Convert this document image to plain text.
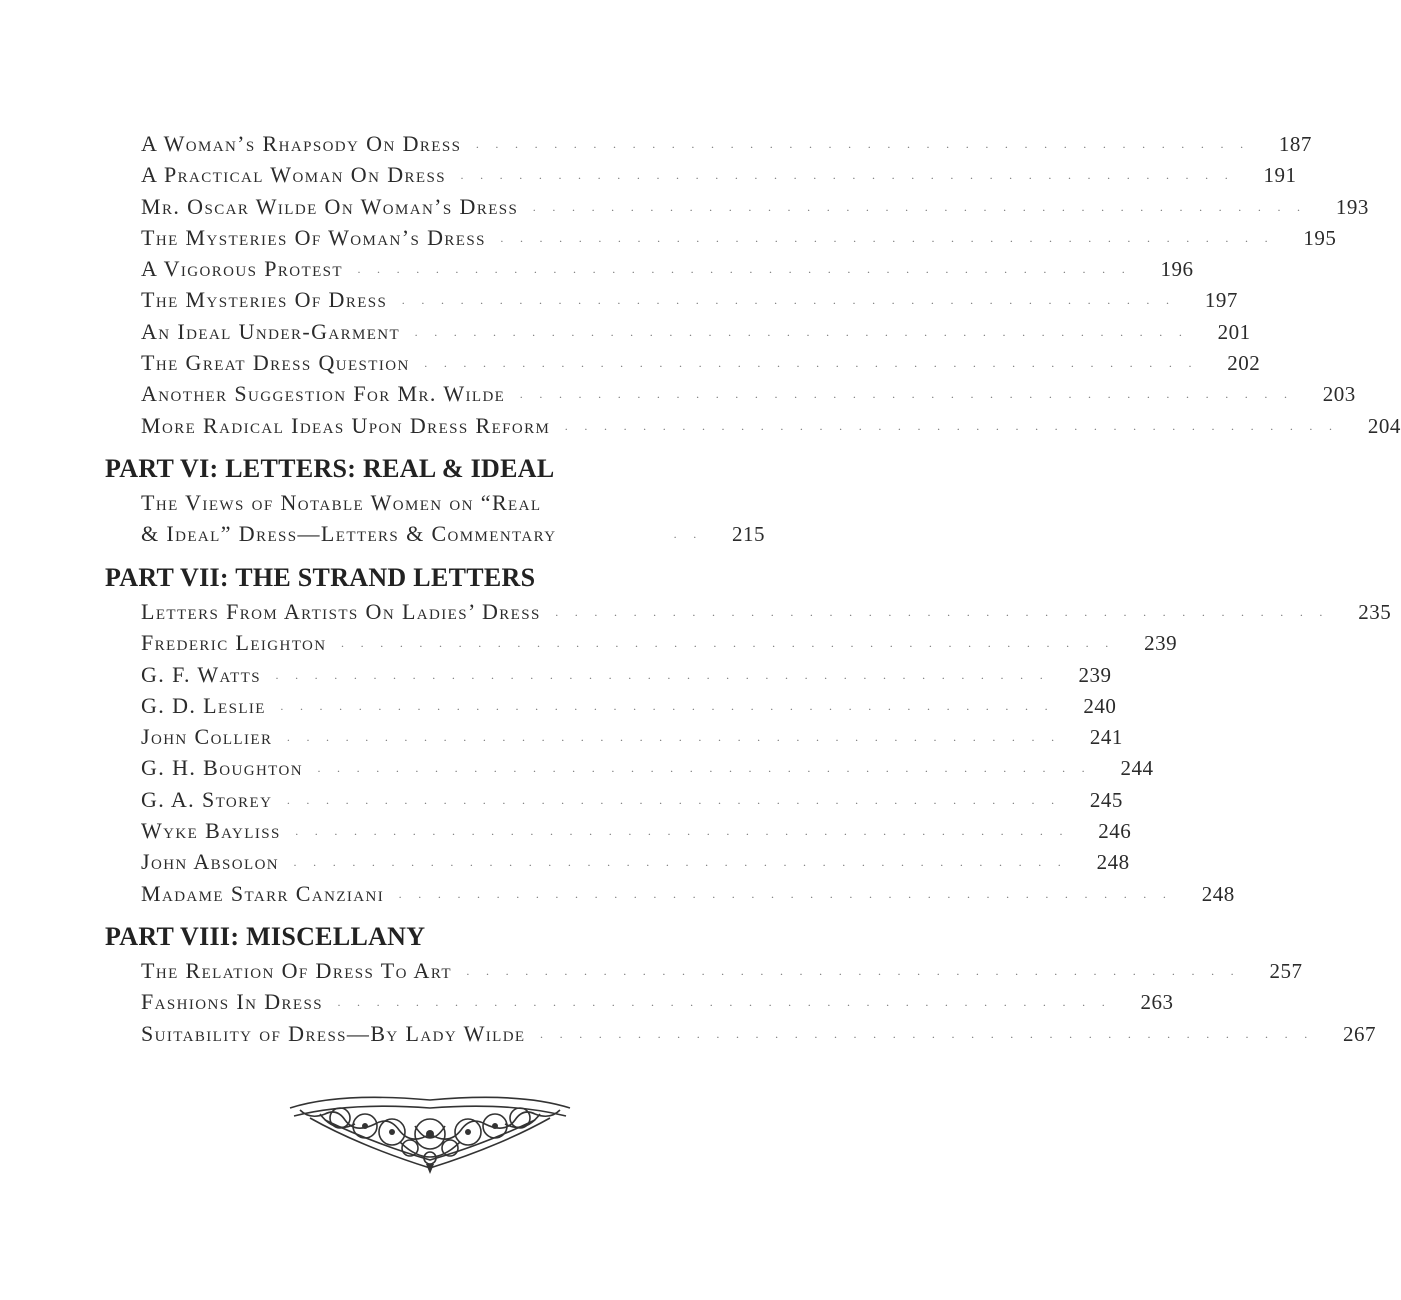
A Woman’s Rhapsody On Dress	· · · · · · · · · · · · · · · · · · · · · · · · · · · · · · · · · · · · · · · ·	187
A Practical Woman On Dress	· · · · · · · · · · · · · · · · · · · · · · · · · · · · · · · · · · · · · · · ·	191
Mr. Oscar Wilde On Woman’s Dress	· · · · · · · · · · · · · · · · · · · · · · · · · · · · · · · · · · · · · · · ·	193
The Mysteries Of Woman’s Dress	· · · · · · · · · · · · · · · · · · · · · · · · · · · · · · · · · · · · · · · ·	195
A Vigorous Protest	· · · · · · · · · · · · · · · · · · · · · · · · · · · · · · · · · · · · · · · ·	196
The Mysteries Of Dress	· · · · · · · · · · · · · · · · · · · · · · · · · · · · · · · · · · · · · · · ·	197
An Ideal Under-Garment	· · · · · · · · · · · · · · · · · · · · · · · · · · · · · · · · · · · · · · · ·	201
The Great Dress Question	· · · · · · · · · · · · · · · · · · · · · · · · · · · · · · · · · · · · · · · ·	202
Another Suggestion For Mr. Wilde	· · · · · · · · · · · · · · · · · · · · · · · · · · · · · · · · · · · · · · · ·	203
More Radical Ideas Upon Dress Reform	· · · · · · · · · · · · · · · · · · · · · · · · · · · · · · · · · · · · · · · ·	204
PART VI: LETTERS: REAL & IDEAL
The Views of Notable Women on “Real
& Ideal” Dress—Letters & Commentary	· ·	215
PART VII: THE STRAND LETTERS
Letters From Artists On Ladies’ Dress	· · · · · · · · · · · · · · · · · · · · · · · · · · · · · · · · · · · · · · · ·	235
Frederic Leighton	· · · · · · · · · · · · · · · · · · · · · · · · · · · · · · · · · · · · · · · ·	239
G. F. Watts	· · · · · · · · · · · · · · · · · · · · · · · · · · · · · · · · · · · · · · · ·	239
G. D. Leslie	· · · · · · · · · · · · · · · · · · · · · · · · · · · · · · · · · · · · · · · ·	240
John Collier	· · · · · · · · · · · · · · · · · · · · · · · · · · · · · · · · · · · · · · · ·	241
G. H. Boughton	· · · · · · · · · · · · · · · · · · · · · · · · · · · · · · · · · · · · · · · ·	244
G. A. Storey	· · · · · · · · · · · · · · · · · · · · · · · · · · · · · · · · · · · · · · · ·	245
Wyke Bayliss	· · · · · · · · · · · · · · · · · · · · · · · · · · · · · · · · · · · · · · · ·	246
John Absolon	· · · · · · · · · · · · · · · · · · · · · · · · · · · · · · · · · · · · · · · ·	248
Madame Starr Canziani	· · · · · · · · · · · · · · · · · · · · · · · · · · · · · · · · · · · · · · · ·	248
PART VIII: MISCELLANY
The Relation Of Dress To Art	· · · · · · · · · · · · · · · · · · · · · · · · · · · · · · · · · · · · · · · ·	257
Fashions In Dress	· · · · · · · · · · · · · · · · · · · · · · · · · · · · · · · · · · · · · · · ·	263
Suitability of Dress—By Lady Wilde	· · · · · · · · · · · · · · · · · · · · · · · · · · · · · · · · · · · · · · · ·	267
